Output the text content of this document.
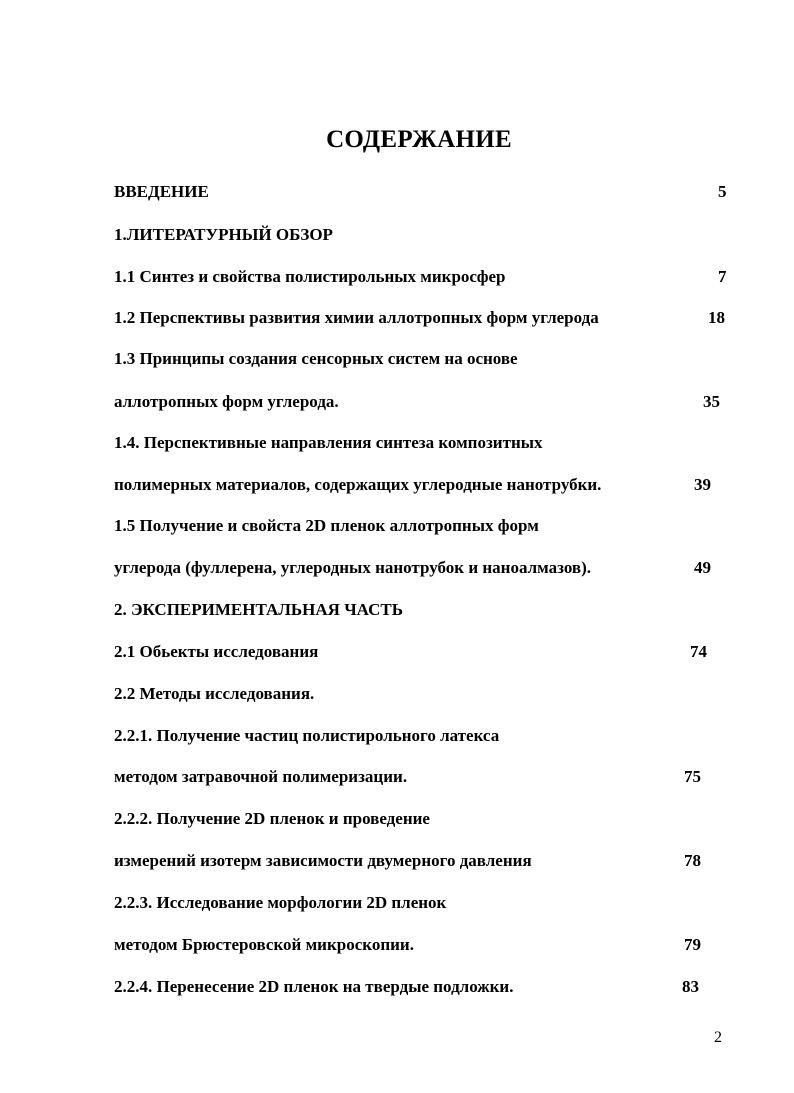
СОДЕРЖАНИЕ
ВВЕДЕНИЕ	5
1.ЛИТЕРАТУРНЫЙ ОБЗОР
1.1 Синтез и свойства полистирольных микросфер	7
1.2 Перспективы развития химии аллотропных форм углерода	18
1.3 Принципы создания сенсорных систем на основе
аллотропных форм углерода.	35
1.4. Перспективные направления синтеза композитных
полимерных материалов, содержащих углеродные нанотрубки.	39
1.5 Получение и свойста 2D пленок аллотропных форм
углерода (фуллерена, углеродных нанотрубок и наноалмазов).	49
2. ЭКСПЕРИМЕНТАЛЬНАЯ ЧАСТЬ
2.1 Обьекты исследования	74
2.2 Методы исследования.
2.2.1. Получение частиц полистирольного латекса
методом затравочной полимеризации.	75
2.2.2. Получение 2D пленок и проведение
измерений изотерм зависимости двумерного давления	78
2.2.3. Исследование морфологии 2D пленок
методом Брюстеровской микроскопии.	79
2.2.4. Перенесение 2D пленок на твердые подложки.	83
2
